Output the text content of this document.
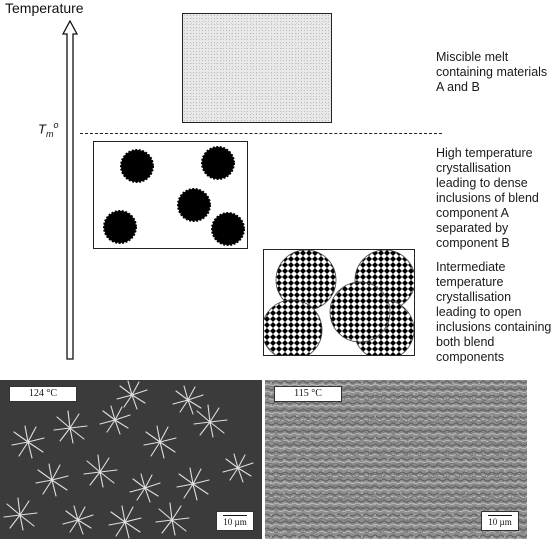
Temperature
$T_m^o$
Miscible melt containing materials A and B
High temperature crystallisation leading to dense inclusions of blend component A separated by component B
Intermediate temperature crystallisation leading to open inclusions containing both blend components
124 °C
10 µm
115 °C
10 µm
